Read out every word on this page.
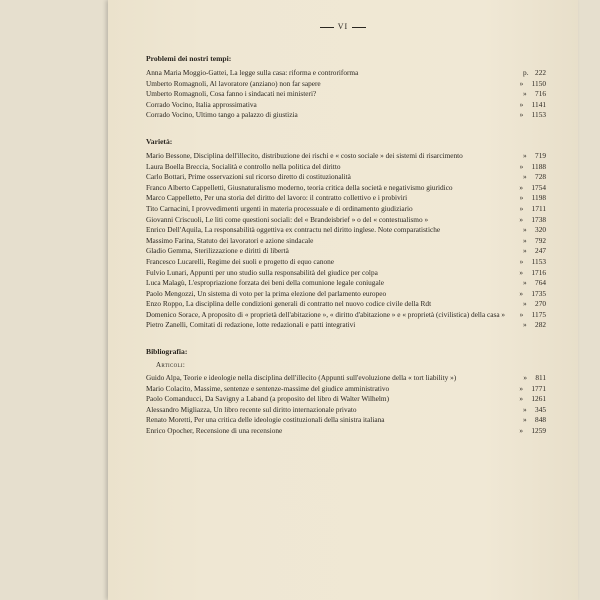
VI
Problemi dei nostri tempi:
Anna Maria Moggio-Gattei, La legge sulla casa: riforma e controriforma	p. 222
Umberto Romagnoli, Al lavoratore (anziano) non far sapere	» 1150
Umberto Romagnoli, Cosa fanno i sindacati nei ministeri?	» 716
Corrado Vocino, Italia approssimativa	» 1141
Corrado Vocino, Ultimo tango a palazzo di giustizia	» 1153
Varietà:
Mario Bessone, Disciplina dell'illecito, distribuzione dei rischi e « costo sociale » dei sistemi di risarcimento	» 719
Laura Boella Breccia, Socialità e controllo nella politica del diritto	» 1188
Carlo Bottari, Prime osservazioni sul ricorso diretto di costituzionalità	» 728
Franco Alberto Cappelletti, Giusnaturalismo moderno, teoria critica della società e negativismo giuridico	» 1754
Marco Cappelletto, Per una storia del diritto del lavoro: il contratto collettivo e i probiviri	» 1198
Tito Carnacini, I provvedimenti urgenti in materia processuale e di ordinamento giudiziario	» 1711
Giovanni Criscuoli, Le liti come questioni sociali: del « Brandeisbrief » o del « contestualismo »	» 1738
Enrico Dell'Aquila, La responsabilità oggettiva ex contractu nel diritto inglese. Note comparatistiche	» 320
Massimo Farina, Statuto dei lavoratori e azione sindacale	» 792
Gladio Gemma, Sterilizzazione e diritti di libertà	» 247
Francesco Lucarelli, Regime dei suoli e progetto di equo canone	» 1153
Fulvio Lunari, Appunti per uno studio sulla responsabilità del giudice per colpa	» 1716
Luca Malagù, L'espropriazione forzata dei beni della comunione legale coniugale	» 764
Paolo Mengozzi, Un sistema di voto per la prima elezione del parlamento europeo	» 1735
Enzo Roppo, La disciplina delle condizioni generali di contratto nel nuovo codice civile della Rdt	» 270
Domenico Sorace, A proposito di « proprietà dell'abitazione », « diritto d'abitazione » e « proprietà (civilistica) della casa »	» 1175
Pietro Zanelli, Comitati di redazione, lotte redazionali e patti integrativi	» 282
Bibliografia:
Articoli:
Guido Alpa, Teorie e ideologie nella disciplina dell'illecito (Appunti sull'evoluzione della « tort liability »)	» 811
Mario Colacito, Massime, sentenze e sentenze-massime del giudice amministrativo	» 1771
Paolo Comanducci, Da Savigny a Laband (a proposito del libro di Walter Wilhelm)	» 1261
Alessandro Migliazza, Un libro recente sul diritto internazionale privato	» 345
Renato Moretti, Per una critica delle ideologie costituzionali della sinistra italiana	» 848
Enrico Opocher, Recensione di una recensione	» 1259
